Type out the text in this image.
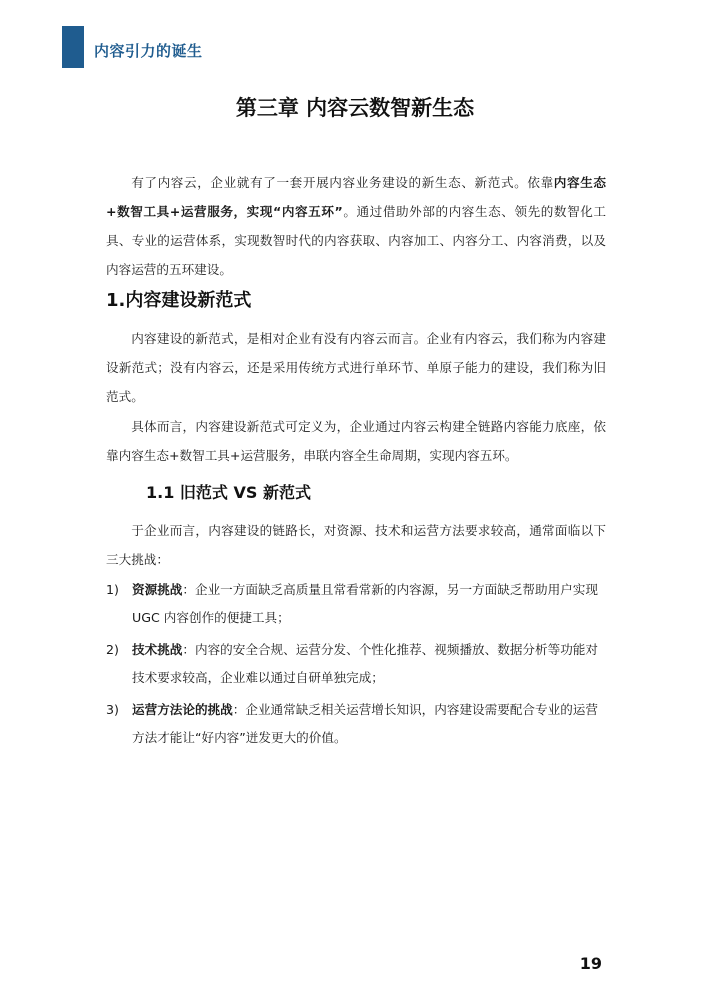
内容引力的诞生
第三章 内容云数智新生态

有了内容云，企业就有了一套开展内容业务建设的新生态、新范式。依靠内容生态+数智工具+运营服务，实现“内容五环”。通过借助外部的内容生态、领先的数智化工具、专业的运营体系，实现数智时代的内容获取、内容加工、内容分工、内容消费，以及内容运营的五环建设。

1.内容建设新范式

内容建设的新范式，是相对企业有没有内容云而言。企业有内容云，我们称为内容建设新范式；没有内容云，还是采用传统方式进行单环节、单原子能力的建设，我们称为旧范式。

具体而言，内容建设新范式可定义为，企业通过内容云构建全链路内容能力底座，依靠内容生态+数智工具+运营服务，串联内容全生命周期，实现内容五环。

1.1 旧范式 VS 新范式

于企业而言，内容建设的链路长，对资源、技术和运营方法要求较高，通常面临以下三大挑战：

1)	资源挑战：企业一方面缺乏高质量且常看常新的内容源，另一方面缺乏帮助用户实现 UGC 内容创作的便捷工具；
2)	技术挑战：内容的安全合规、运营分发、个性化推荐、视频播放、数据分析等功能对技术要求较高，企业难以通过自研单独完成；
3)	运营方法论的挑战：企业通常缺乏相关运营增长知识，内容建设需要配合专业的运营方法才能让“好内容”迸发更大的价值。
19
